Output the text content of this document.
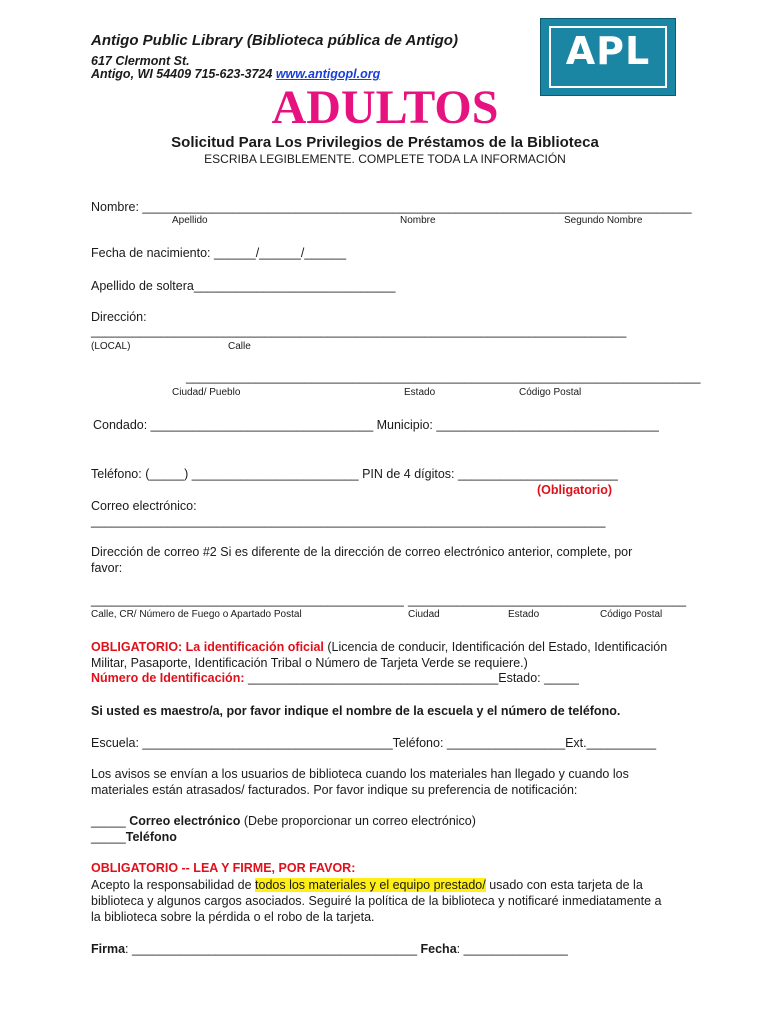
Antigo Public Library (Biblioteca pública de Antigo)
617 Clermont St.
Antigo, WI 54409 715-623-3724 www.antigopl.org
APL
ADULTOS
Solicitud Para Los Privilegios de Préstamos de la Biblioteca
ESCRIBA LEGIBLEMENTE. COMPLETE TODA LA INFORMACIÓN
Nombre: _______________________________________________________________________________
Apellido	Nombre	Segundo Nombre
Fecha de nacimiento: ______/______/______
Apellido de soltera_____________________________
Dirección:
_____________________________________________________________________________
(LOCAL)	Calle
__________________________________________________________________________
Ciudad/ Pueblo	Estado	Código Postal
Condado: ________________________________ Municipio: ________________________________
Teléfono: (_____) ________________________ PIN de 4 dígitos: _______________________
(Obligatorio)
Correo electrónico:
__________________________________________________________________________
Dirección de correo #2 Si es diferente de la dirección de correo electrónico anterior, complete, por
favor:
_____________________________________________ ________________________________________
Calle, CR/ Número de Fuego o Apartado Postal	Ciudad	Estado	Código Postal
OBLIGATORIO: La identificación oficial (Licencia de conducir, Identificación del Estado, Identificación
Militar, Pasaporte, Identificación Tribal o Número de Tarjeta Verde se requiere.)
Número de Identificación: ____________________________________Estado: _____
Si usted es maestro/a, por favor indique el nombre de la escuela y el número de teléfono.
Escuela: ____________________________________Teléfono: _________________Ext.__________
Los avisos se envían a los usuarios de biblioteca cuando los materiales han llegado y cuando los
materiales están atrasados/ facturados. Por favor indique su preferencia de notificación:
_____ Correo electrónico (Debe proporcionar un correo electrónico)
_____Teléfono
OBLIGATORIO -- LEA Y FIRME, POR FAVOR:
Acepto la responsabilidad de todos los materiales y el equipo prestado/ usado con esta tarjeta de la
biblioteca y algunos cargos asociados. Seguiré la política de la biblioteca y notificaré inmediatamente a
la biblioteca sobre la pérdida o el robo de la tarjeta.
Firma: _________________________________________ Fecha: _______________
